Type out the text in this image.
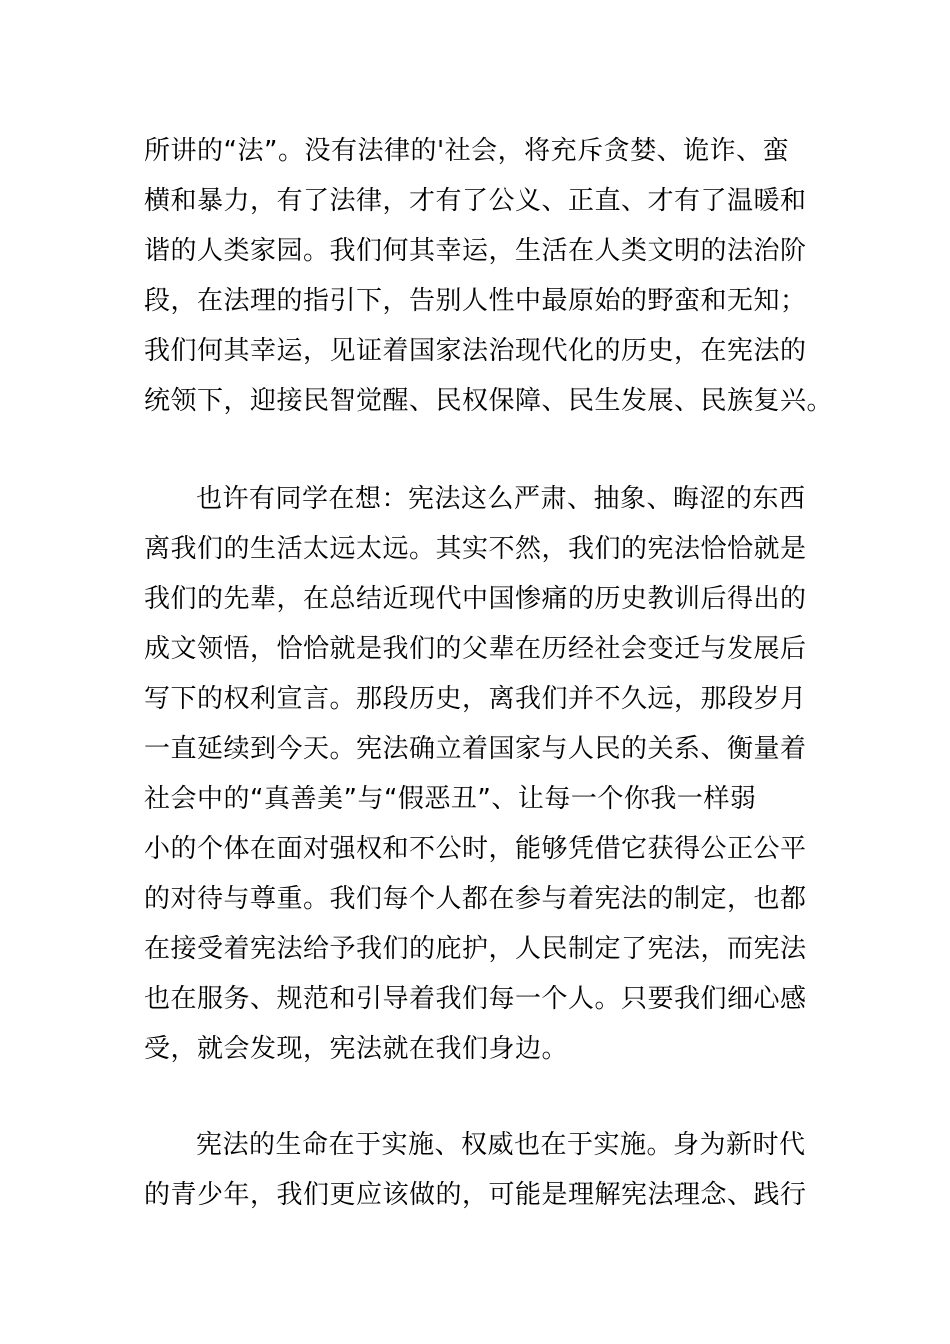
所讲的“法”。没有法律的'社会，将充斥贪婪、诡诈、蛮
横和暴力，有了法律，才有了公义、正直、才有了温暖和
谐的人类家园。我们何其幸运，生活在人类文明的法治阶
段，在法理的指引下，告别人性中最原始的野蛮和无知；
我们何其幸运，见证着国家法治现代化的历史，在宪法的
统领下，迎接民智觉醒、民权保障、民生发展、民族复兴。
也许有同学在想：宪法这么严肃、抽象、晦涩的东西
离我们的生活太远太远。其实不然，我们的宪法恰恰就是
我们的先辈，在总结近现代中国惨痛的历史教训后得出的
成文领悟，恰恰就是我们的父辈在历经社会变迁与发展后
写下的权利宣言。那段历史，离我们并不久远，那段岁月
一直延续到今天。宪法确立着国家与人民的关系、衡量着
社会中的“真善美”与“假恶丑”、让每一个你我一样弱
小的个体在面对强权和不公时，能够凭借它获得公正公平
的对待与尊重。我们每个人都在参与着宪法的制定，也都
在接受着宪法给予我们的庇护，人民制定了宪法，而宪法
也在服务、规范和引导着我们每一个人。只要我们细心感
受，就会发现，宪法就在我们身边。
宪法的生命在于实施、权威也在于实施。身为新时代
的青少年，我们更应该做的，可能是理解宪法理念、践行
